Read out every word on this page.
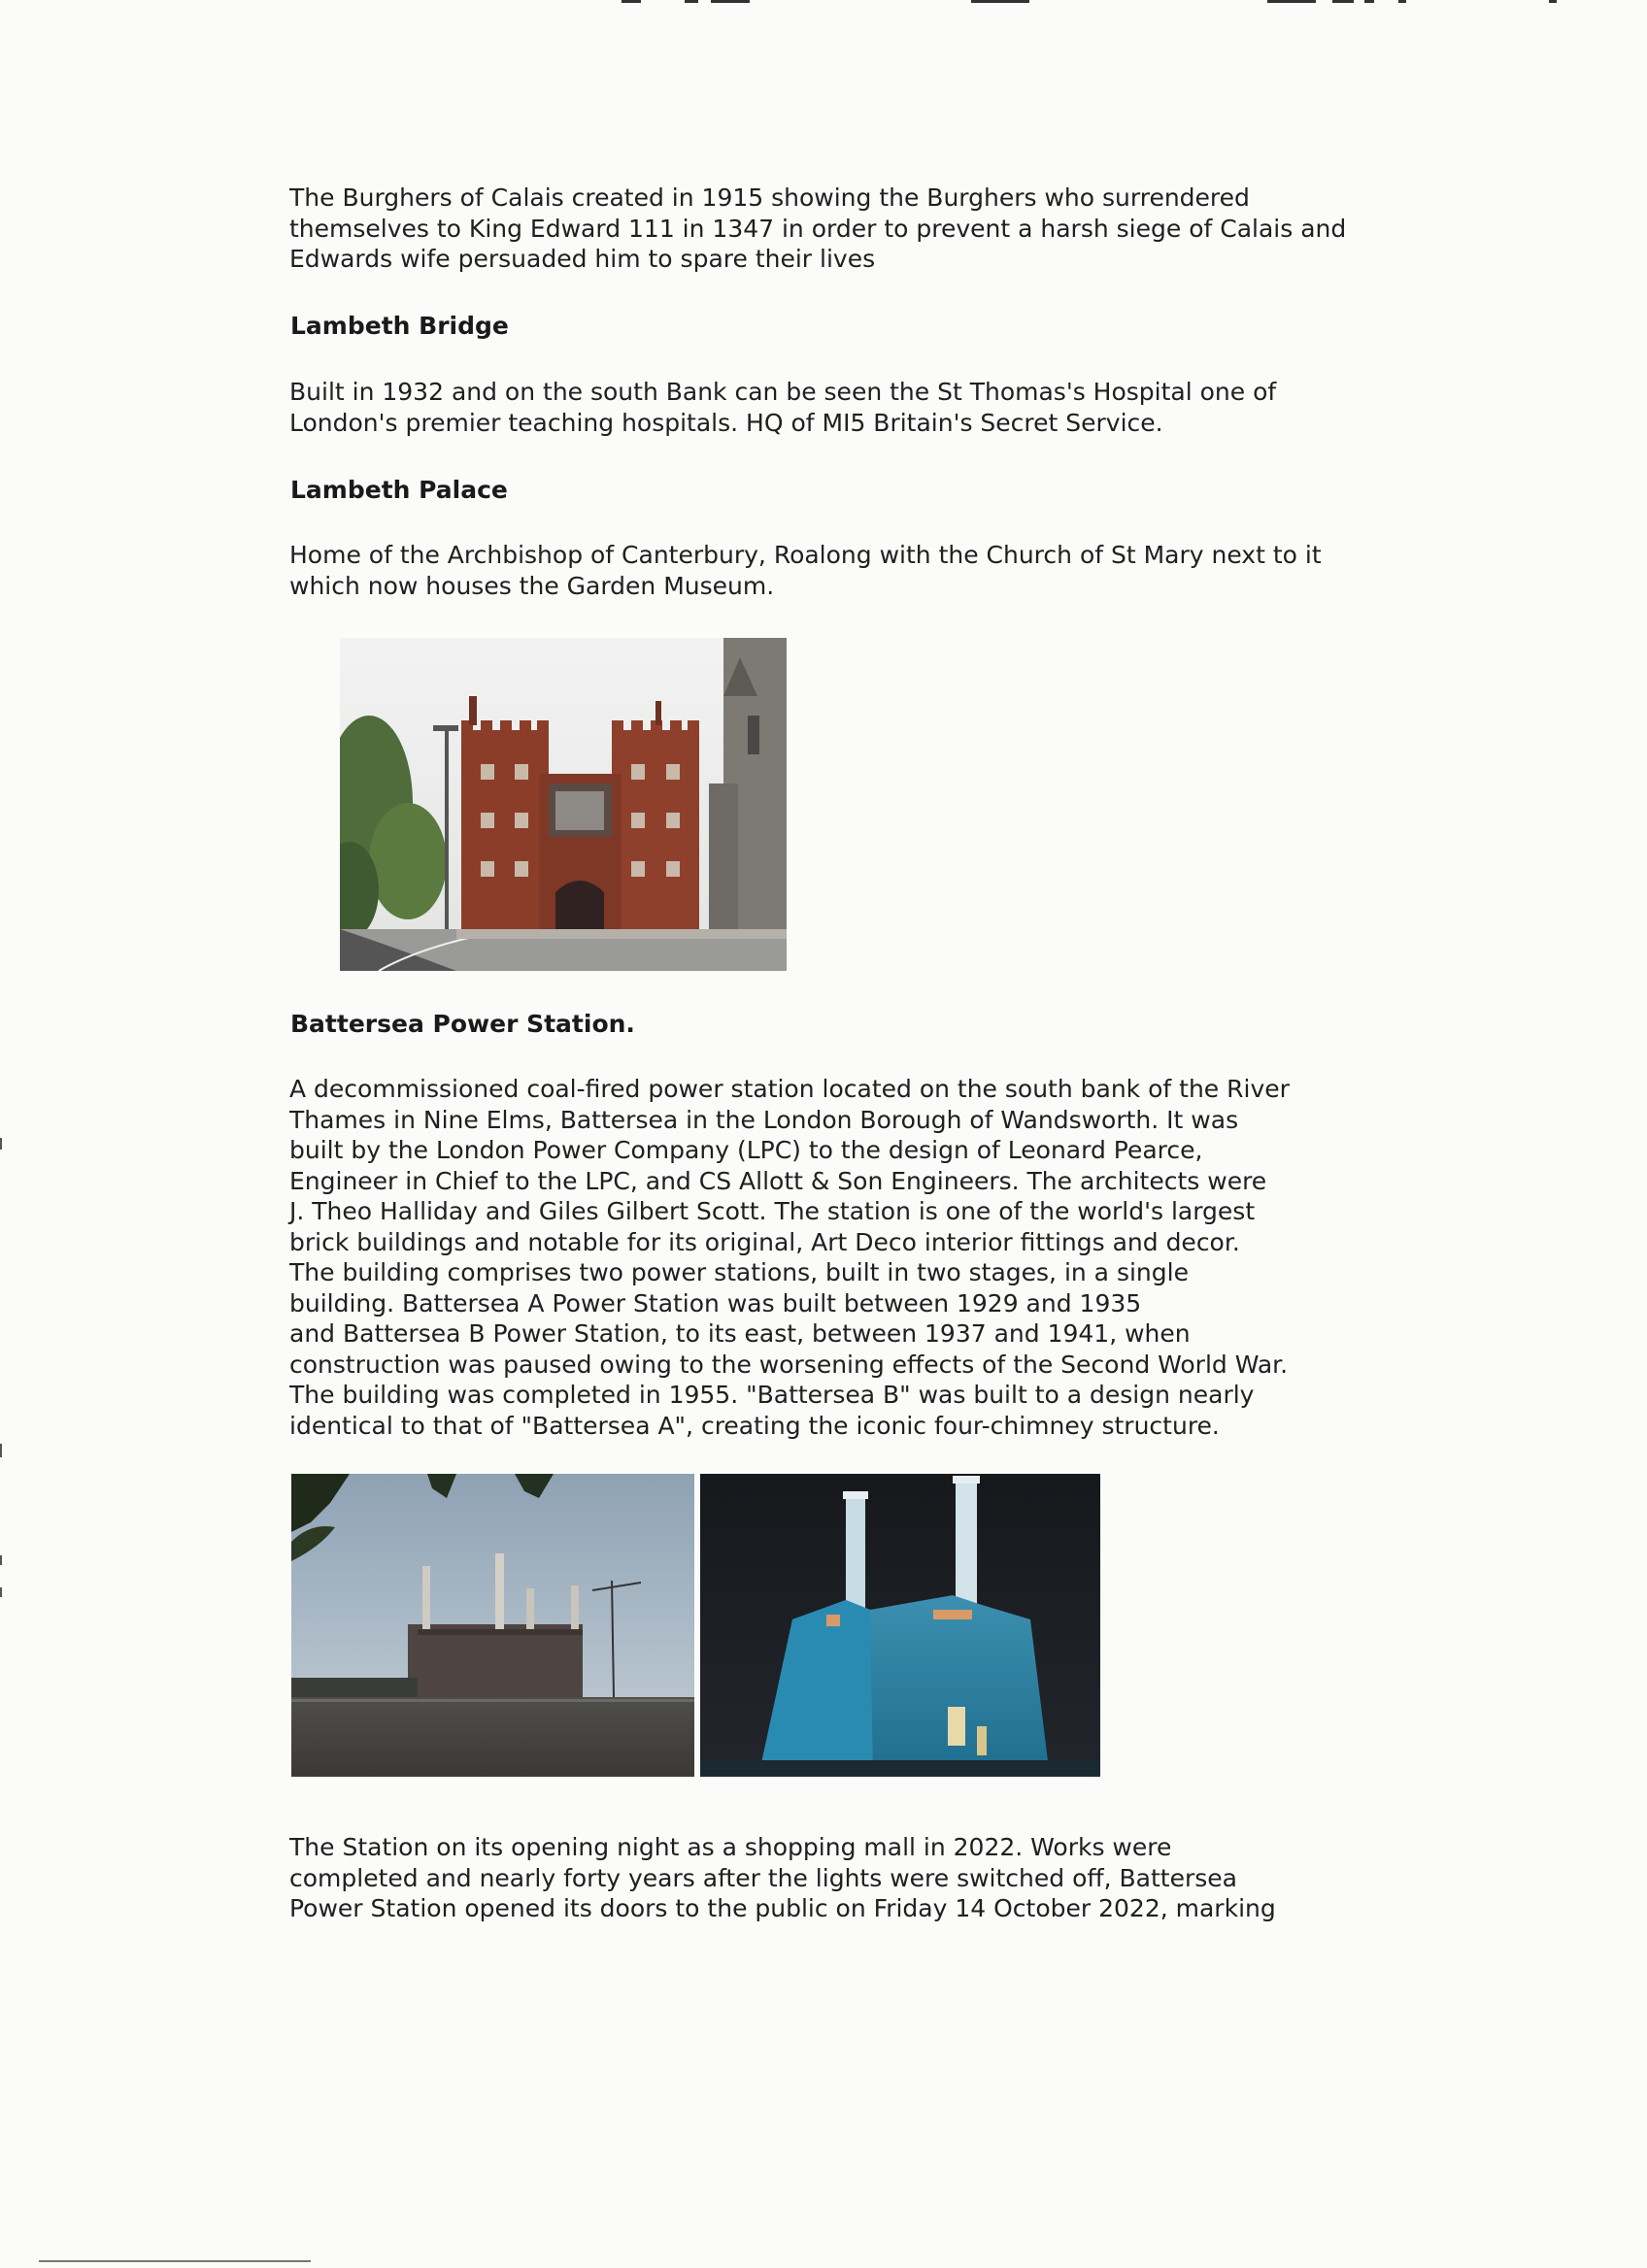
The Burghers of Calais created in 1915 showing the Burghers who surrendered themselves to King Edward 111 in 1347 in order to prevent a harsh siege of Calais and Edwards wife persuaded him to spare their lives

Lambeth Bridge

Built in 1932 and on the south Bank can be seen the St Thomas's Hospital one of London's premier teaching hospitals. HQ of MI5 Britain's Secret Service.

Lambeth Palace

Home of the Archbishop of Canterbury, Roalong with the Church of St Mary next to it which now houses the Garden Museum.

Battersea Power Station.
A decommissioned coal-fired power station located on the south bank of the River
Thames in Nine Elms, Battersea in the London Borough of Wandsworth. It was
built by the London Power Company (LPC) to the design of Leonard Pearce,
Engineer in Chief to the LPC, and CS Allott & Son Engineers. The architects were
J. Theo Halliday and Giles Gilbert Scott. The station is one of the world's largest
brick buildings and notable for its original, Art Deco interior fittings and decor.
The building comprises two power stations, built in two stages, in a single
building. Battersea A Power Station was built between 1929 and 1935
and Battersea B Power Station, to its east, between 1937 and 1941, when
construction was paused owing to the worsening effects of the Second World War.
The building was completed in 1955. "Battersea B" was built to a design nearly
identical to that of "Battersea A", creating the iconic four-chimney structure.
The Station on its opening night as a shopping mall in 2022. Works were
completed and nearly forty years after the lights were switched off, Battersea
Power Station opened its doors to the public on Friday 14 October 2022, marking
